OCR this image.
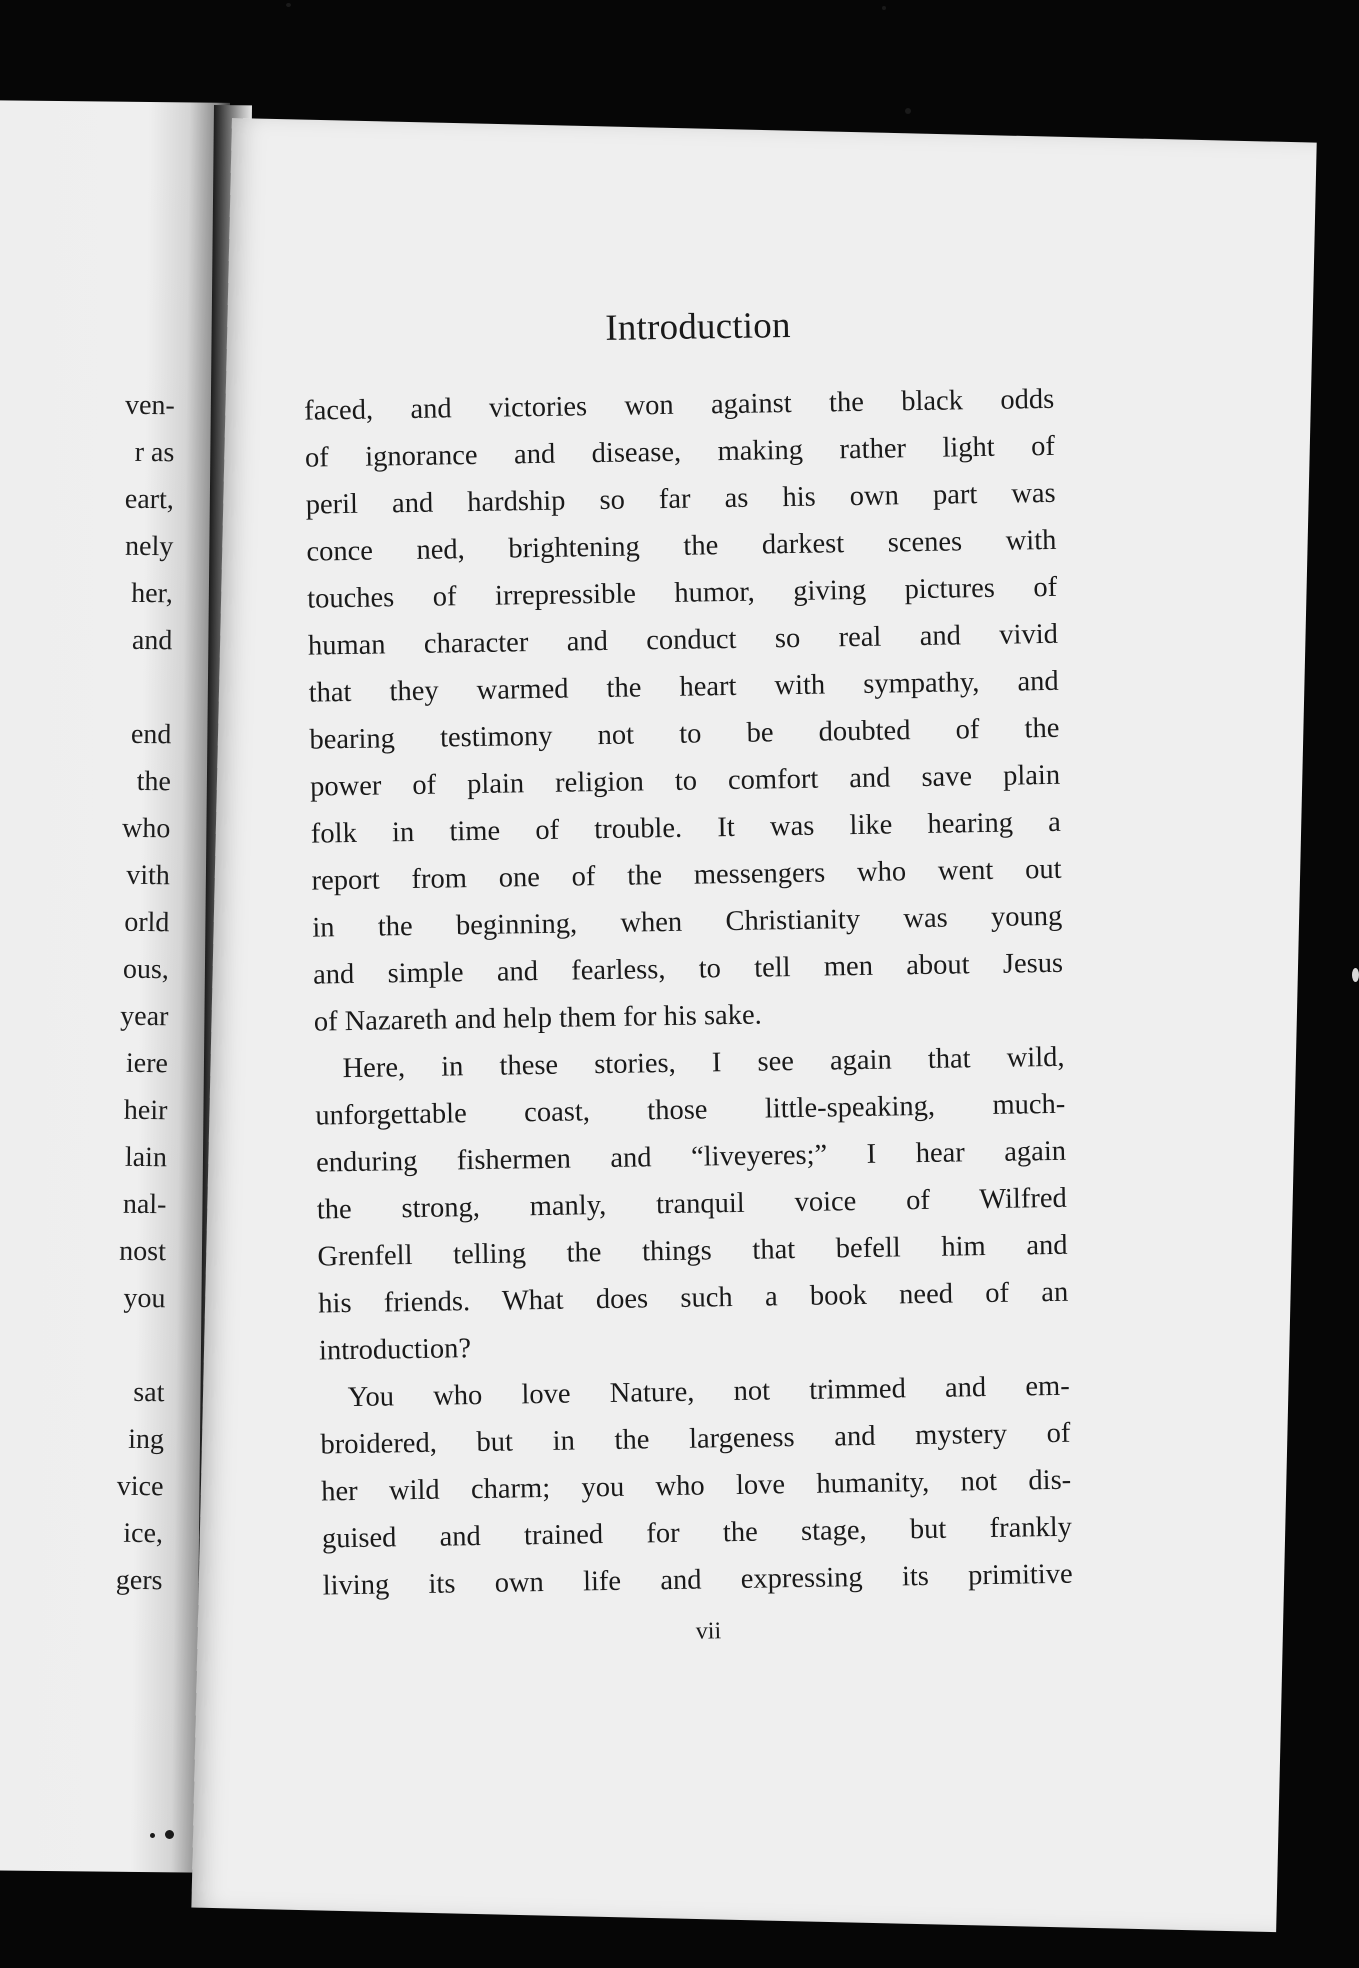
ven-
r as
eart,
nely
her,
and
end
the
who
vith
orld
ous,
year
iere
heir
lain
nal-
nost
you
sat
ing
vice
ice,
gers
Introduction
faced, and victories won against the black odds
of ignorance and disease, making rather light of
peril and hardship so far as his own part was
conce ned, brightening the darkest scenes with
touches of irrepressible humor, giving pictures of
human character and conduct so real and vivid
that they warmed the heart with sympathy, and
bearing testimony not to be doubted of the
power of plain religion to comfort and save plain
folk in time of trouble. It was like hearing a
report from one of the messengers who went out
in the beginning, when Christianity was young
and simple and fearless, to tell men about Jesus
of Nazareth and help them for his sake.
Here, in these stories, I see again that wild,
unforgettable coast, those little-speaking, much-
enduring fishermen and “liveyeres;” I hear again
the strong, manly, tranquil voice of Wilfred
Grenfell telling the things that befell him and
his friends. What does such a book need of an
introduction?
You who love Nature, not trimmed and em-
broidered, but in the largeness and mystery of
her wild charm; you who love humanity, not dis-
guised and trained for the stage, but frankly
living its own life and expressing its primitive
vii
